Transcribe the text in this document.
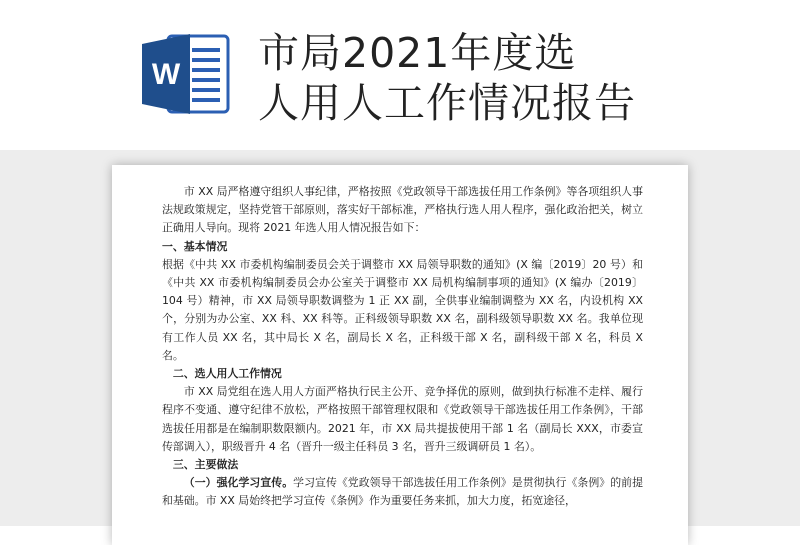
W 市局2021年度选
人用人工作情况报告

市 XX 局严格遵守组织人事纪律，严格按照《党政领导干部选拔任用工作条例》等各项组织人事法规政策规定，坚持党管干部原则，落实好干部标准，严格执行选人用人程序，强化政治把关，树立正确用人导向。现将 2021 年选人用人情况报告如下：

一、基本情况

根据《中共 XX 市委机构编制委员会关于调整市 XX 局领导职数的通知》(X 编〔2019〕20 号）和《中共 XX 市委机构编制委员会办公室关于调整市 XX 局机构编制事项的通知》(X 编办〔2019〕104 号）精神，市 XX 局领导职数调整为 1 正 XX 副，全供事业编制调整为 XX 名，内设机构 XX 个，分别为办公室、XX 科、XX 科等。正科级领导职数 XX 名，副科级领导职数 XX 名。我单位现有工作人员 XX 名，其中局长 X 名，副局长 X 名，正科级干部 X 名，副科级干部 X 名，科员 X 名。

二、选人用人工作情况

市 XX 局党组在选人用人方面严格执行民主公开、竞争择优的原则，做到执行标准不走样、履行程序不变通、遵守纪律不放松，严格按照干部管理权限和《党政领导干部选拔任用工作条例》，干部选拔任用都是在编制职数限额内。2021 年，市 XX 局共提拔使用干部 1 名（副局长 XXX，市委宣传部调入），职级晋升 4 名（晋升一级主任科员 3 名，晋升三级调研员 1 名）。

三、主要做法

（一）强化学习宣传。学习宣传《党政领导干部选拔任用工作条例》是贯彻执行《条例》的前提和基础。市 XX 局始终把学习宣传《条例》作为重要任务来抓，加大力度，拓宽途径，
